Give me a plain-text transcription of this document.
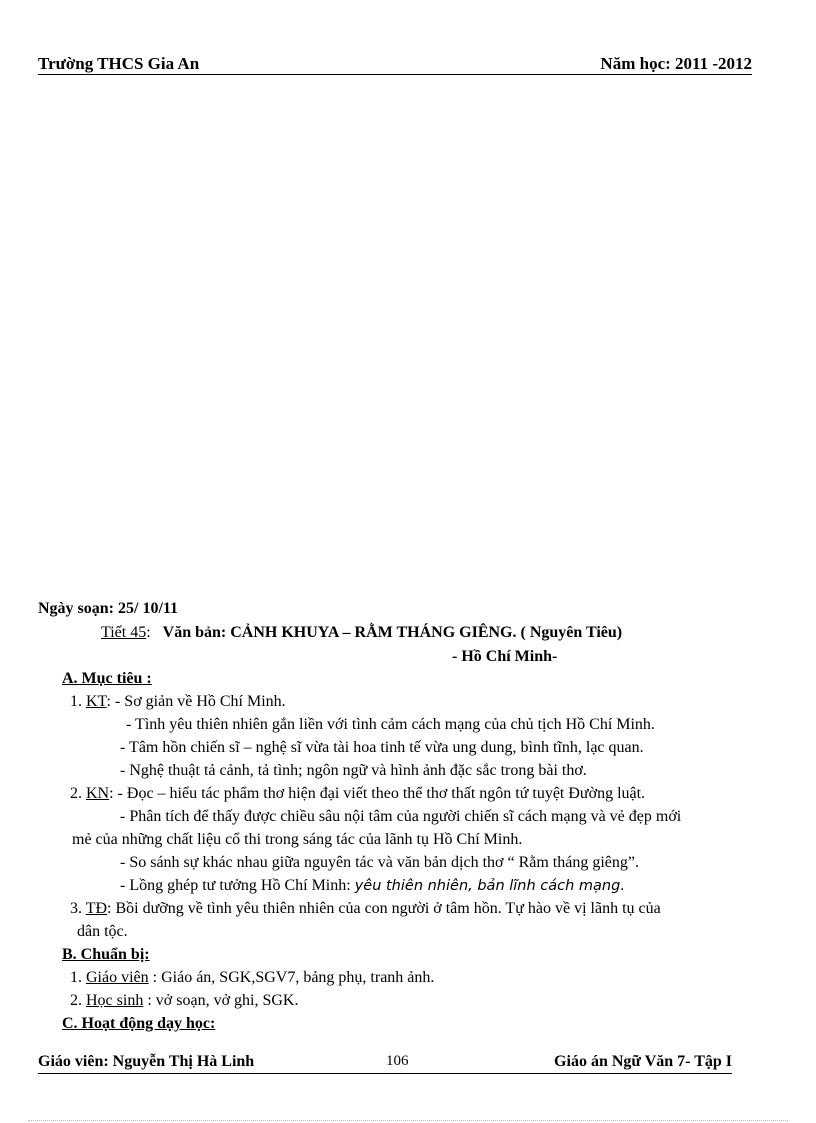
Trường THCS Gia An	Năm học: 2011 -2012
Ngày soạn: 25/ 10/11
Tiết 45: Văn bản: CẢNH KHUYA – RẰM THÁNG GIÊNG. ( Nguyên Tiêu)
- Hồ Chí Minh-
A. Mục tiêu :
1. KT: - Sơ giản về Hồ Chí Minh.
- Tình yêu thiên nhiên gắn liền với tình cảm cách mạng của chủ tịch Hồ Chí Minh.
- Tâm hồn chiến sĩ – nghệ sĩ vừa tài hoa tinh tế vừa ung dung, bình tĩnh, lạc quan.
- Nghệ thuật tả cảnh, tả tình; ngôn ngữ và hình ảnh đặc sắc trong bài thơ.
2. KN: - Đọc – hiểu tác phẩm thơ hiện đại viết theo thể thơ thất ngôn tứ tuyệt Đường luật.
- Phân tích để thấy được chiều sâu nội tâm của người chiến sĩ cách mạng và vẻ đẹp mới
mẻ của những chất liệu cổ thi trong sáng tác của lãnh tụ Hồ Chí Minh.
- So sánh sự khác nhau giữa nguyên tác và văn bản dịch thơ “ Rằm tháng giêng”.
- Lồng ghép tư tưởng Hồ Chí Minh: yêu thiên nhiên, bản lĩnh cách mạng.
3. TĐ: Bồi dưỡng về tình yêu thiên nhiên của con người ở tâm hồn. Tự hào về vị lãnh tụ của
dân tộc.
B. Chuẩn bị:
1. Giáo viên : Giáo án, SGK,SGV7, bảng phụ, tranh ảnh.
2. Học sinh : vở soạn, vở ghi, SGK.
C. Hoạt động dạy học:
Giáo viên: Nguyễn Thị Hà Linh	106	Giáo án Ngữ Văn 7- Tập I
